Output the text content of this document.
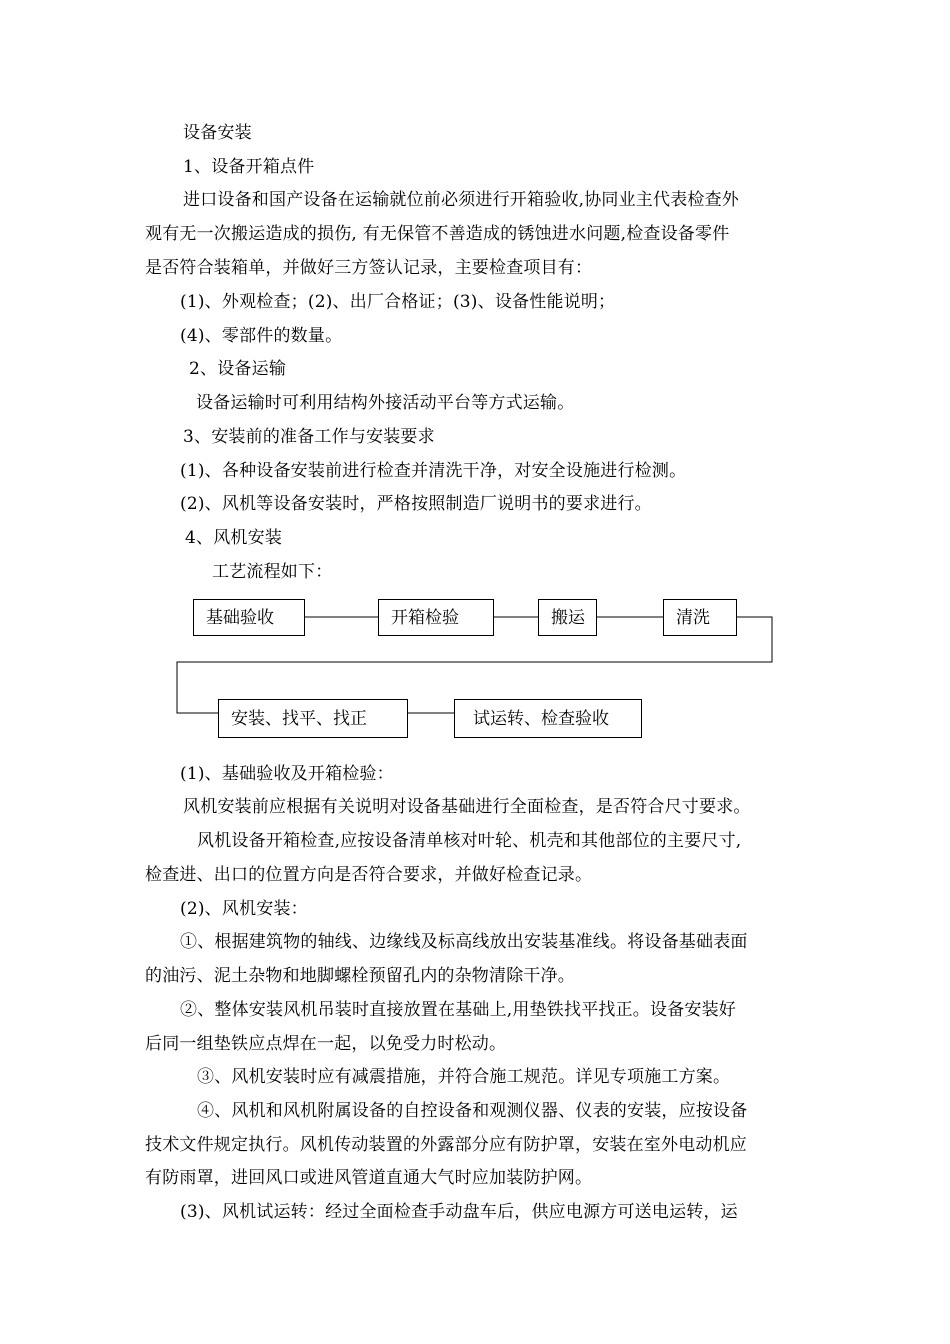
设备安装
1、设备开箱点件
进口设备和国产设备在运输就位前必须进行开箱验收,协同业主代表检查外
观有无一次搬运造成的损伤, 有无保管不善造成的锈蚀进水问题,检查设备零件
是否符合装箱单，并做好三方签认记录，主要检查项目有：
(1)、外观检查；(2)、出厂合格证；(3)、设备性能说明；
(4)、零部件的数量。
2、设备运输
设备运输时可利用结构外接活动平台等方式运输。
3、安装前的准备工作与安装要求
(1)、各种设备安装前进行检查并清洗干净，对安全设施进行检测。
(2)、风机等设备安装时，严格按照制造厂说明书的要求进行。
4、风机安装
工艺流程如下：
基础验收	开箱检验	搬运	清洗
安装、找平、找正	试运转、检查验收
(1)、基础验收及开箱检验：
风机安装前应根据有关说明对设备基础进行全面检查，是否符合尺寸要求。
风机设备开箱检查,应按设备清单核对叶轮、机壳和其他部位的主要尺寸,
检查进、出口的位置方向是否符合要求，并做好检查记录。
(2)、风机安装：
①、根据建筑物的轴线、边缘线及标高线放出安装基准线。将设备基础表面
的油污、泥土杂物和地脚螺栓预留孔内的杂物清除干净。
②、整体安装风机吊装时直接放置在基础上,用垫铁找平找正。设备安装好
后同一组垫铁应点焊在一起，以免受力时松动。
③、风机安装时应有减震措施，并符合施工规范。详见专项施工方案。
④、风机和风机附属设备的自控设备和观测仪器、仪表的安装，应按设备
技术文件规定执行。风机传动装置的外露部分应有防护罩，安装在室外电动机应
有防雨罩，进回风口或进风管道直通大气时应加装防护网。
(3)、风机试运转：经过全面检查手动盘车后，供应电源方可送电运转，运
